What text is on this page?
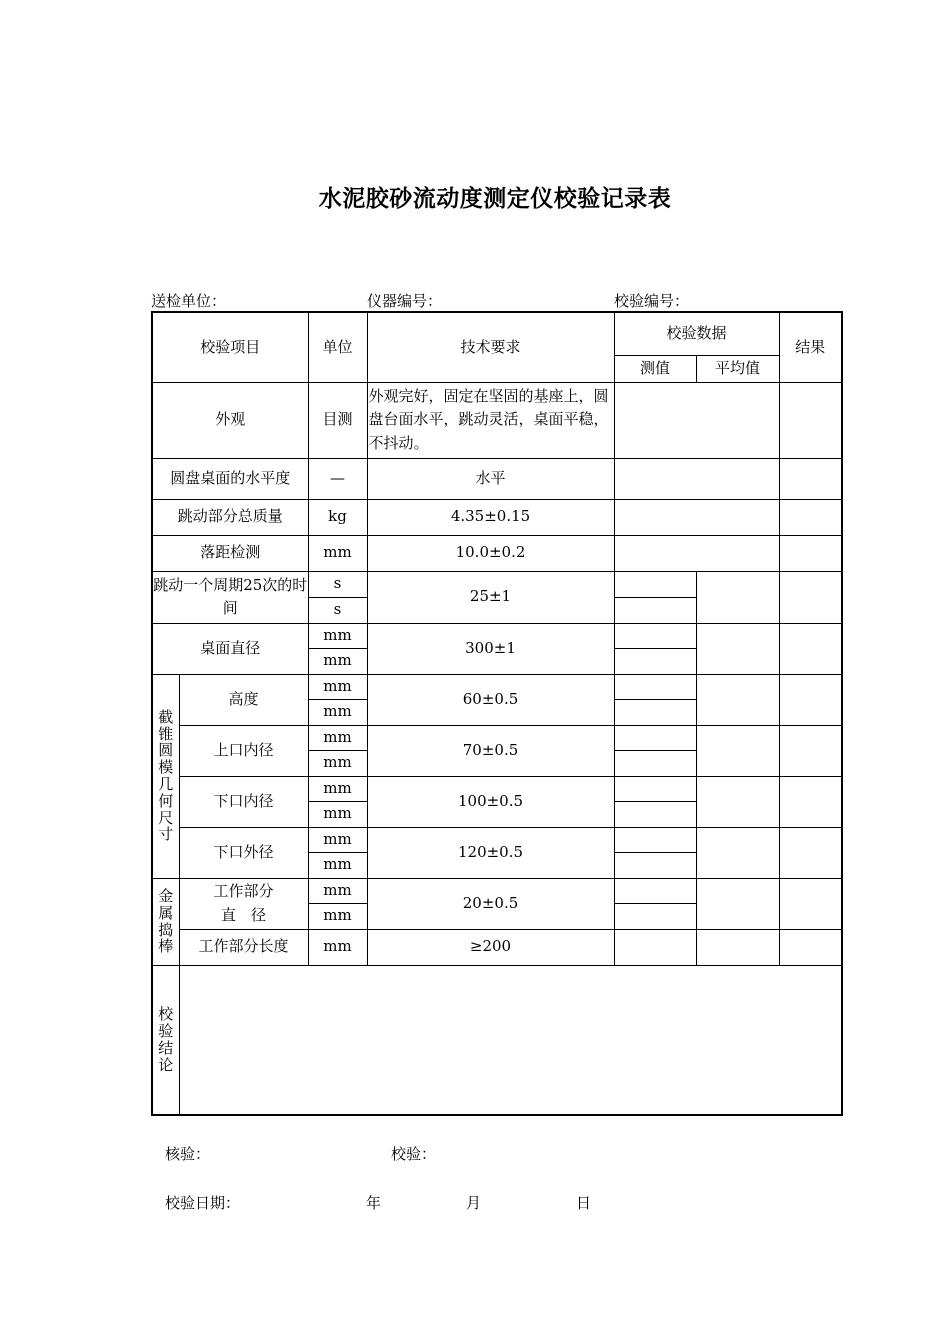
水泥胶砂流动度测定仪校验记录表
送检单位：	仪器编号：	校验编号：
校验项目		单位	技术要求	校验数据		结果
				测值	平均值	
外观		目测	外观完好，固定在坚固的基座上，圆盘台面水平，跳动灵活，桌面平稳，不抖动。			
圆盘桌面的水平度		—	水平			
跳动部分总质量		kg	4.35±0.15			
落距检测		mm	10.0±0.2			
跳动一个周期25次的时间		s	25±1			
		s				
桌面直径		mm	300±1			
		mm				
截锥圆模几何尺寸	高度	mm	60±0.5			
		mm				
	上口内径	mm	70±0.5			
		mm				
	下口内径	mm	100±0.5			
		mm				
	下口外径	mm	120±0.5			
		mm				
金属捣棒	工作部分
直　径	mm	20±0.5			
		mm				
	工作部分长度	mm	≥200			
校验结论						
核验：	校验：
校验日期：	年	月	日
